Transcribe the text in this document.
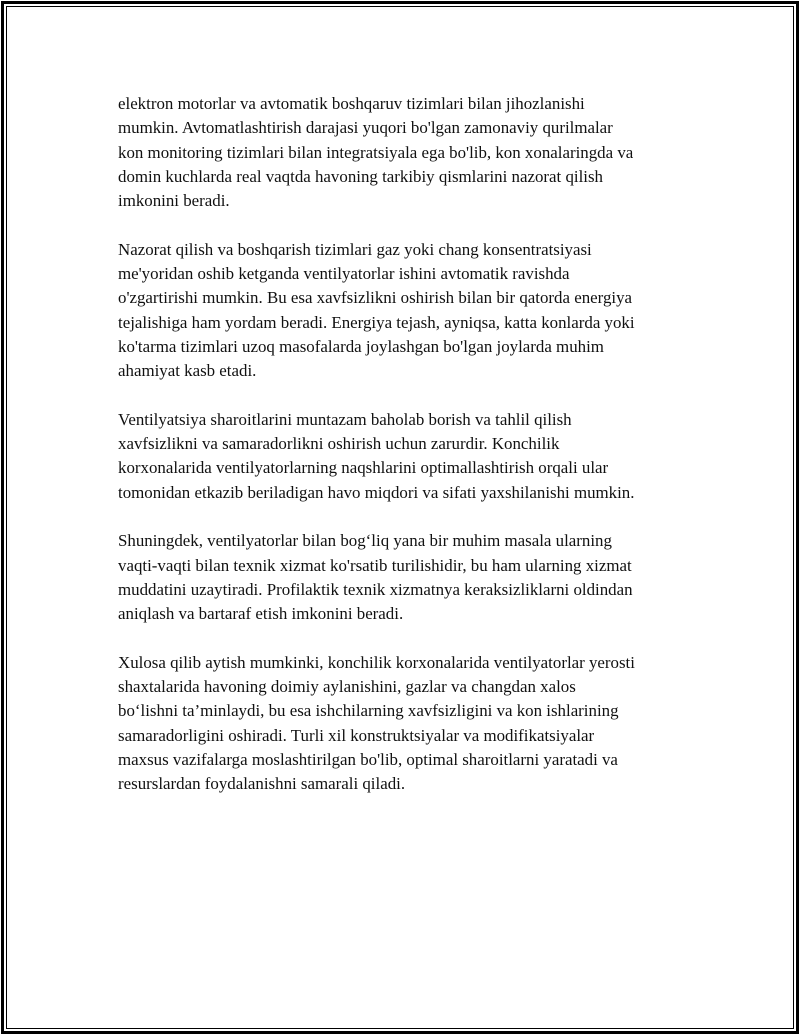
elektron motorlar va avtomatik boshqaruv tizimlari bilan jihozlanishi
mumkin. Avtomatlashtirish darajasi yuqori bo'lgan zamonaviy qurilmalar
kon monitoring tizimlari bilan integratsiyala ega bo'lib, kon xonalaringda va
domin kuchlarda real vaqtda havoning tarkibiy qismlarini nazorat qilish
imkonini beradi.

Nazorat qilish va boshqarish tizimlari gaz yoki chang konsentratsiyasi
me'yoridan oshib ketganda ventilyatorlar ishini avtomatik ravishda
o'zgartirishi mumkin. Bu esa xavfsizlikni oshirish bilan bir qatorda energiya
tejalishiga ham yordam beradi. Energiya tejash, ayniqsa, katta konlarda yoki
ko'tarma tizimlari uzoq masofalarda joylashgan bo'lgan joylarda muhim
ahamiyat kasb etadi.

Ventilyatsiya sharoitlarini muntazam baholab borish va tahlil qilish
xavfsizlikni va samaradorlikni oshirish uchun zarurdir. Konchilik
korxonalarida ventilyatorlarning naqshlarini optimallashtirish orqali ular
tomonidan etkazib beriladigan havo miqdori va sifati yaxshilanishi mumkin.

Shuningdek, ventilyatorlar bilan bog‘liq yana bir muhim masala ularning
vaqti-vaqti bilan texnik xizmat ko'rsatib turilishidir, bu ham ularning xizmat
muddatini uzaytiradi. Profilaktik texnik xizmatnya keraksizliklarni oldindan
aniqlash va bartaraf etish imkonini beradi.

Xulosa qilib aytish mumkinki, konchilik korxonalarida ventilyatorlar yerosti
shaxtalarida havoning doimiy aylanishini, gazlar va changdan xalos
bo‘lishni ta’minlaydi, bu esa ishchilarning xavfsizligini va kon ishlarining
samaradorligini oshiradi. Turli xil konstruktsiyalar va modifikatsiyalar
maxsus vazifalarga moslashtirilgan bo'lib, optimal sharoitlarni yaratadi va
resurslardan foydalanishni samarali qiladi.
